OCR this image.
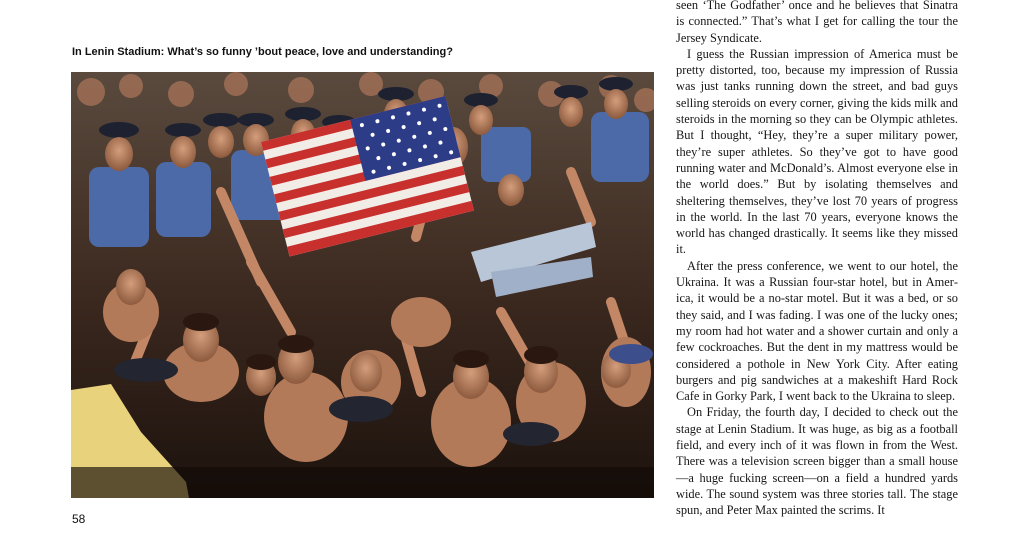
In Lenin Stadium: What’s so funny ’bout peace, love and understanding?
58

seen ‘The Godfather’ once and he believes that Sinatra is connected.” That’s what I get for calling the tour the Jersey Syndicate.

I guess the Russian impression of America must be pretty distorted, too, because my impression of Russia was just tanks running down the street, and bad guys selling steroids on every corner, giving the kids milk and steroids in the morning so they can be Olympic athletes. But I thought, “Hey, they’re a super military power, they’re super athletes. So they’ve got to have good running water and McDonald’s. Almost everyone else in the world does.” But by isolating themselves and sheltering themselves, they’ve lost 70 years of progress in the world. In the last 70 years, everyone knows the world has changed drastically. It seems like they missed it.

After the press conference, we went to our hotel, the Ukraina. It was a Russian four-star hotel, but in America, it would be a no-star motel. But it was a bed, or so they said, and I was fading. I was one of the lucky ones; my room had hot water and a shower curtain and only a few cockroaches. But the dent in my mattress would be considered a pothole in New York City. After eating burgers and pig sandwiches at a makeshift Hard Rock Cafe in Gorky Park, I went back to the Ukraina to sleep.

On Friday, the fourth day, I decided to check out the stage at Lenin Stadium. It was huge, as big as a football field, and every inch of it was flown in from the West. There was a television screen bigger than a small house—a huge fucking screen—on a field a hundred yards wide. The sound system was three stories tall. The stage spun, and Peter Max painted the scrims. It
